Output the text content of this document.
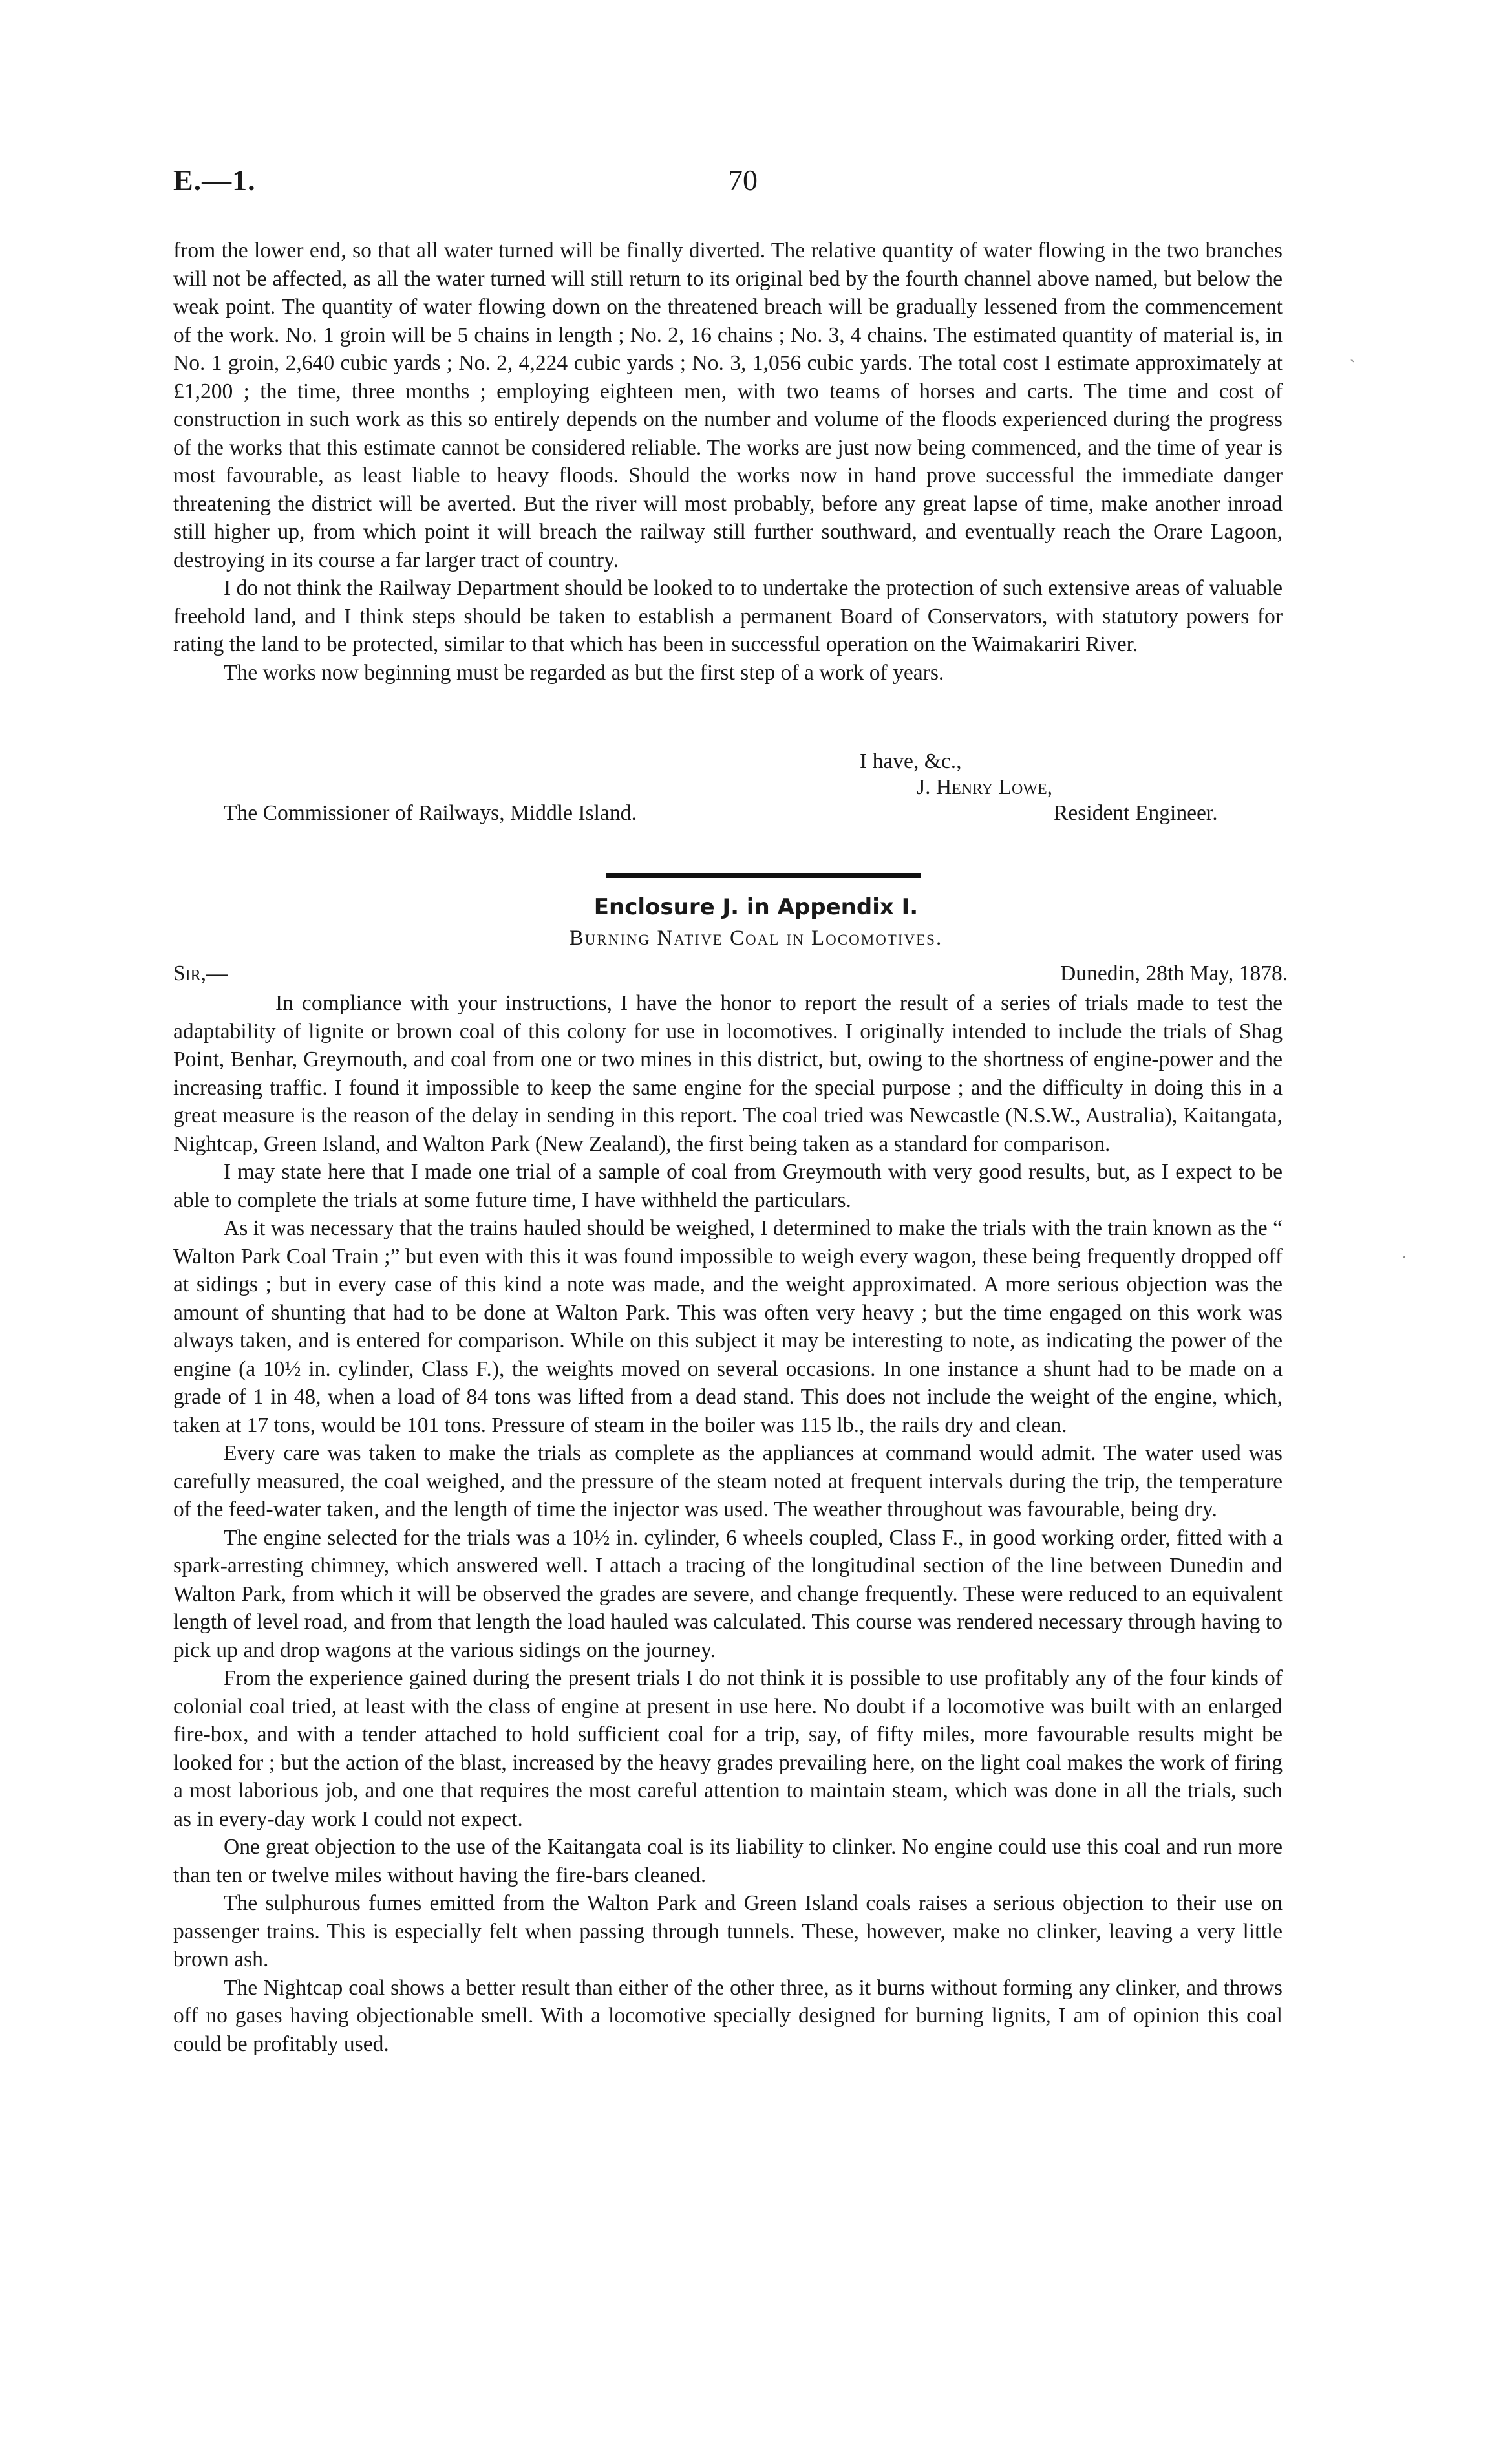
E.—1.	70

from the lower end, so that all water turned will be finally diverted. The relative quantity of water flowing in the two branches will not be affected, as all the water turned will still return to its original bed by the fourth channel above named, but below the weak point. The quantity of water flowing down on the threatened breach will be gradually lessened from the commencement of the work. No. 1 groin will be 5 chains in length ; No. 2, 16 chains ; No. 3, 4 chains. The estimated quantity of material is, in No. 1 groin, 2,640 cubic yards ; No. 2, 4,224 cubic yards ; No. 3, 1,056 cubic yards. The total cost I estimate approximately at £1,200 ; the time, three months ; employing eighteen men, with two teams of horses and carts. The time and cost of construction in such work as this so entirely depends on the number and volume of the floods experienced during the progress of the works that this estimate cannot be considered reliable. The works are just now being commenced, and the time of year is most favourable, as least liable to heavy floods. Should the works now in hand prove successful the immediate danger threatening the district will be averted. But the river will most probably, before any great lapse of time, make another inroad still higher up, from which point it will breach the railway still further southward, and eventually reach the Orare Lagoon, destroying in its course a far larger tract of country.

I do not think the Railway Department should be looked to to undertake the protection of such extensive areas of valuable freehold land, and I think steps should be taken to establish a permanent Board of Conservators, with statutory powers for rating the land to be protected, similar to that which has been in successful operation on the Waimakariri River.

The works now beginning must be regarded as but the first step of a work of years.

I have, &c.,
J. Henry Lowe,
The Commissioner of Railways, Middle Island.	Resident Engineer.
Enclosure J. in Appendix I.
Burning Native Coal in Locomotives.
Sir,—	Dunedin, 28th May, 1878.

In compliance with your instructions, I have the honor to report the result of a series of trials made to test the adaptability of lignite or brown coal of this colony for use in locomotives. I originally intended to include the trials of Shag Point, Benhar, Greymouth, and coal from one or two mines in this district, but, owing to the shortness of engine-power and the increasing traffic. I found it impossible to keep the same engine for the special purpose ; and the difficulty in doing this in a great measure is the reason of the delay in sending in this report. The coal tried was Newcastle (N.S.W., Australia), Kaitangata, Nightcap, Green Island, and Walton Park (New Zealand), the first being taken as a standard for comparison.

I may state here that I made one trial of a sample of coal from Greymouth with very good results, but, as I expect to be able to complete the trials at some future time, I have withheld the particulars.

As it was necessary that the trains hauled should be weighed, I determined to make the trials with the train known as the “ Walton Park Coal Train ;” but even with this it was found impossible to weigh every wagon, these being frequently dropped off at sidings ; but in every case of this kind a note was made, and the weight approximated. A more serious objection was the amount of shunting that had to be done at Walton Park. This was often very heavy ; but the time engaged on this work was always taken, and is entered for comparison. While on this subject it may be interesting to note, as indicating the power of the engine (a 10½ in. cylinder, Class F.), the weights moved on several occasions. In one instance a shunt had to be made on a grade of 1 in 48, when a load of 84 tons was lifted from a dead stand. This does not include the weight of the engine, which, taken at 17 tons, would be 101 tons. Pressure of steam in the boiler was 115 lb., the rails dry and clean.

Every care was taken to make the trials as complete as the appliances at command would admit. The water used was carefully measured, the coal weighed, and the pressure of the steam noted at frequent intervals during the trip, the temperature of the feed-water taken, and the length of time the injector was used. The weather throughout was favourable, being dry.

The engine selected for the trials was a 10½ in. cylinder, 6 wheels coupled, Class F., in good working order, fitted with a spark-arresting chimney, which answered well. I attach a tracing of the longitudinal section of the line between Dunedin and Walton Park, from which it will be observed the grades are severe, and change frequently. These were reduced to an equivalent length of level road, and from that length the load hauled was calculated. This course was rendered necessary through having to pick up and drop wagons at the various sidings on the journey.

From the experience gained during the present trials I do not think it is possible to use profitably any of the four kinds of colonial coal tried, at least with the class of engine at present in use here. No doubt if a locomotive was built with an enlarged fire-box, and with a tender attached to hold sufficient coal for a trip, say, of fifty miles, more favourable results might be looked for ; but the action of the blast, increased by the heavy grades prevailing here, on the light coal makes the work of firing a most laborious job, and one that requires the most careful attention to maintain steam, which was done in all the trials, such as in every-day work I could not expect.

One great objection to the use of the Kaitangata coal is its liability to clinker. No engine could use this coal and run more than ten or twelve miles without having the fire-bars cleaned.

The sulphurous fumes emitted from the Walton Park and Green Island coals raises a serious objection to their use on passenger trains. This is especially felt when passing through tunnels. These, however, make no clinker, leaving a very little brown ash.

The Nightcap coal shows a better result than either of the other three, as it burns without forming any clinker, and throws off no gases having objectionable smell. With a locomotive specially designed for burning lignits, I am of opinion this coal could be profitably used.

`
·
